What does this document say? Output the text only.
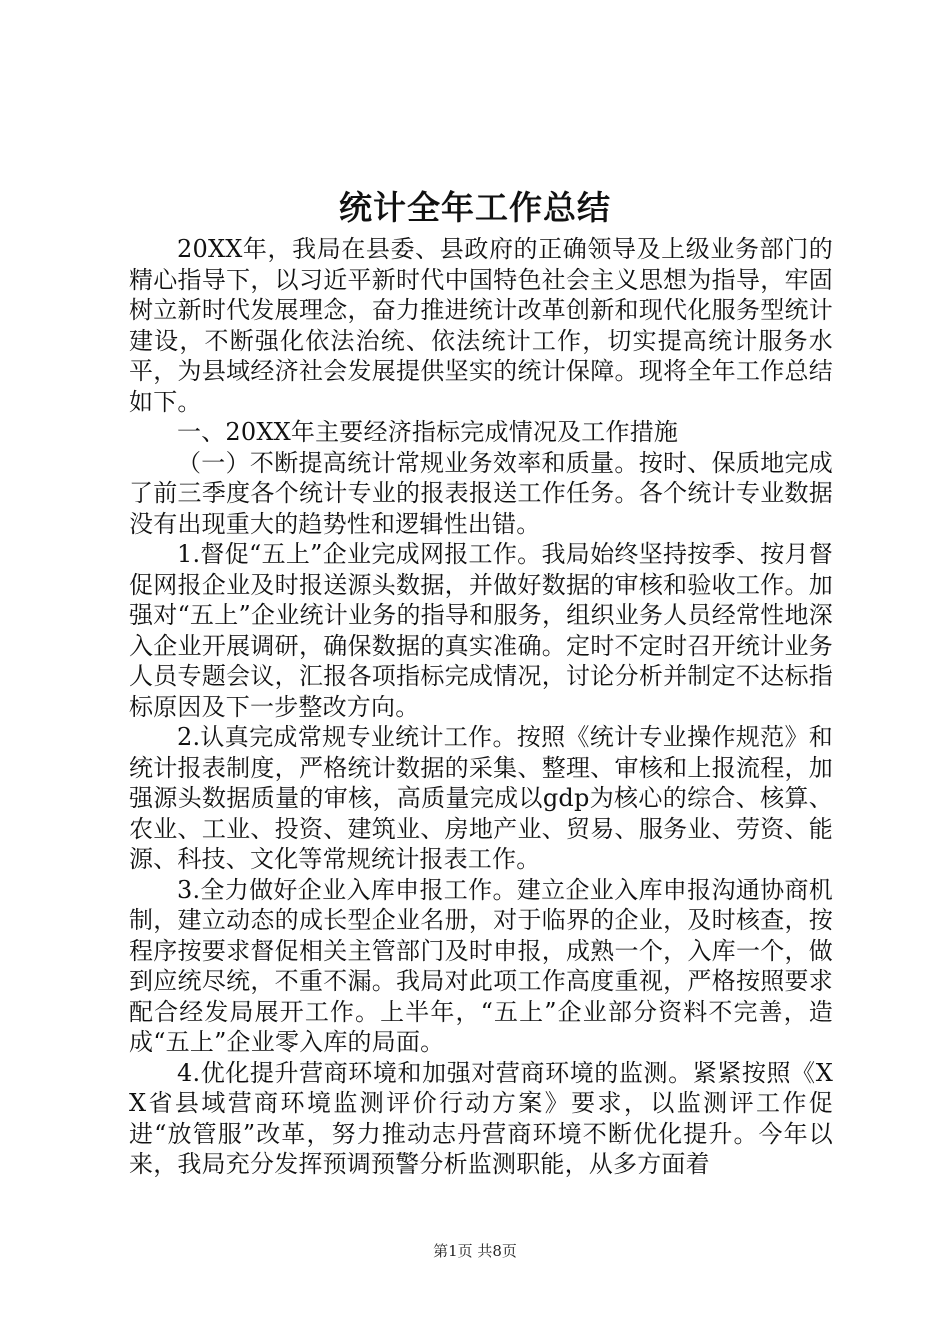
统计全年工作总结

20XX年，我局在县委、县政府的正确领导及上级业务部门的精心指导下，以习近平新时代中国特色社会主义思想为指导，牢固树立新时代发展理念，奋力推进统计改革创新和现代化服务型统计建设，不断强化依法治统、依法统计工作，切实提高统计服务水平，为县域经济社会发展提供坚实的统计保障。现将全年工作总结如下。

一、20XX年主要经济指标完成情况及工作措施

（一）不断提高统计常规业务效率和质量。按时、保质地完成了前三季度各个统计专业的报表报送工作任务。各个统计专业数据没有出现重大的趋势性和逻辑性出错。

1.督促“五上”企业完成网报工作。我局始终坚持按季、按月督促网报企业及时报送源头数据，并做好数据的审核和验收工作。加强对“五上”企业统计业务的指导和服务，组织业务人员经常性地深入企业开展调研，确保数据的真实准确。定时不定时召开统计业务人员专题会议，汇报各项指标完成情况，讨论分析并制定不达标指标原因及下一步整改方向。

2.认真完成常规专业统计工作。按照《统计专业操作规范》和统计报表制度，严格统计数据的采集、整理、审核和上报流程，加强源头数据质量的审核，高质量完成以gdp为核心的综合、核算、农业、工业、投资、建筑业、房地产业、贸易、服务业、劳资、能源、科技、文化等常规统计报表工作。

3.全力做好企业入库申报工作。建立企业入库申报沟通协商机制，建立动态的成长型企业名册，对于临界的企业，及时核查，按程序按要求督促相关主管部门及时申报，成熟一个，入库一个，做到应统尽统，不重不漏。我局对此项工作高度重视，严格按照要求配合经发局展开工作。上半年，“五上”企业部分资料不完善，造成“五上”企业零入库的局面。

4.优化提升营商环境和加强对营商环境的监测。紧紧按照《XX省县域营商环境监测评价行动方案》要求，以监测评工作促进“放管服”改革，努力推动志丹营商环境不断优化提升。今年以来，我局充分发挥预调预警分析监测职能，从多方面着

第1页 共8页
